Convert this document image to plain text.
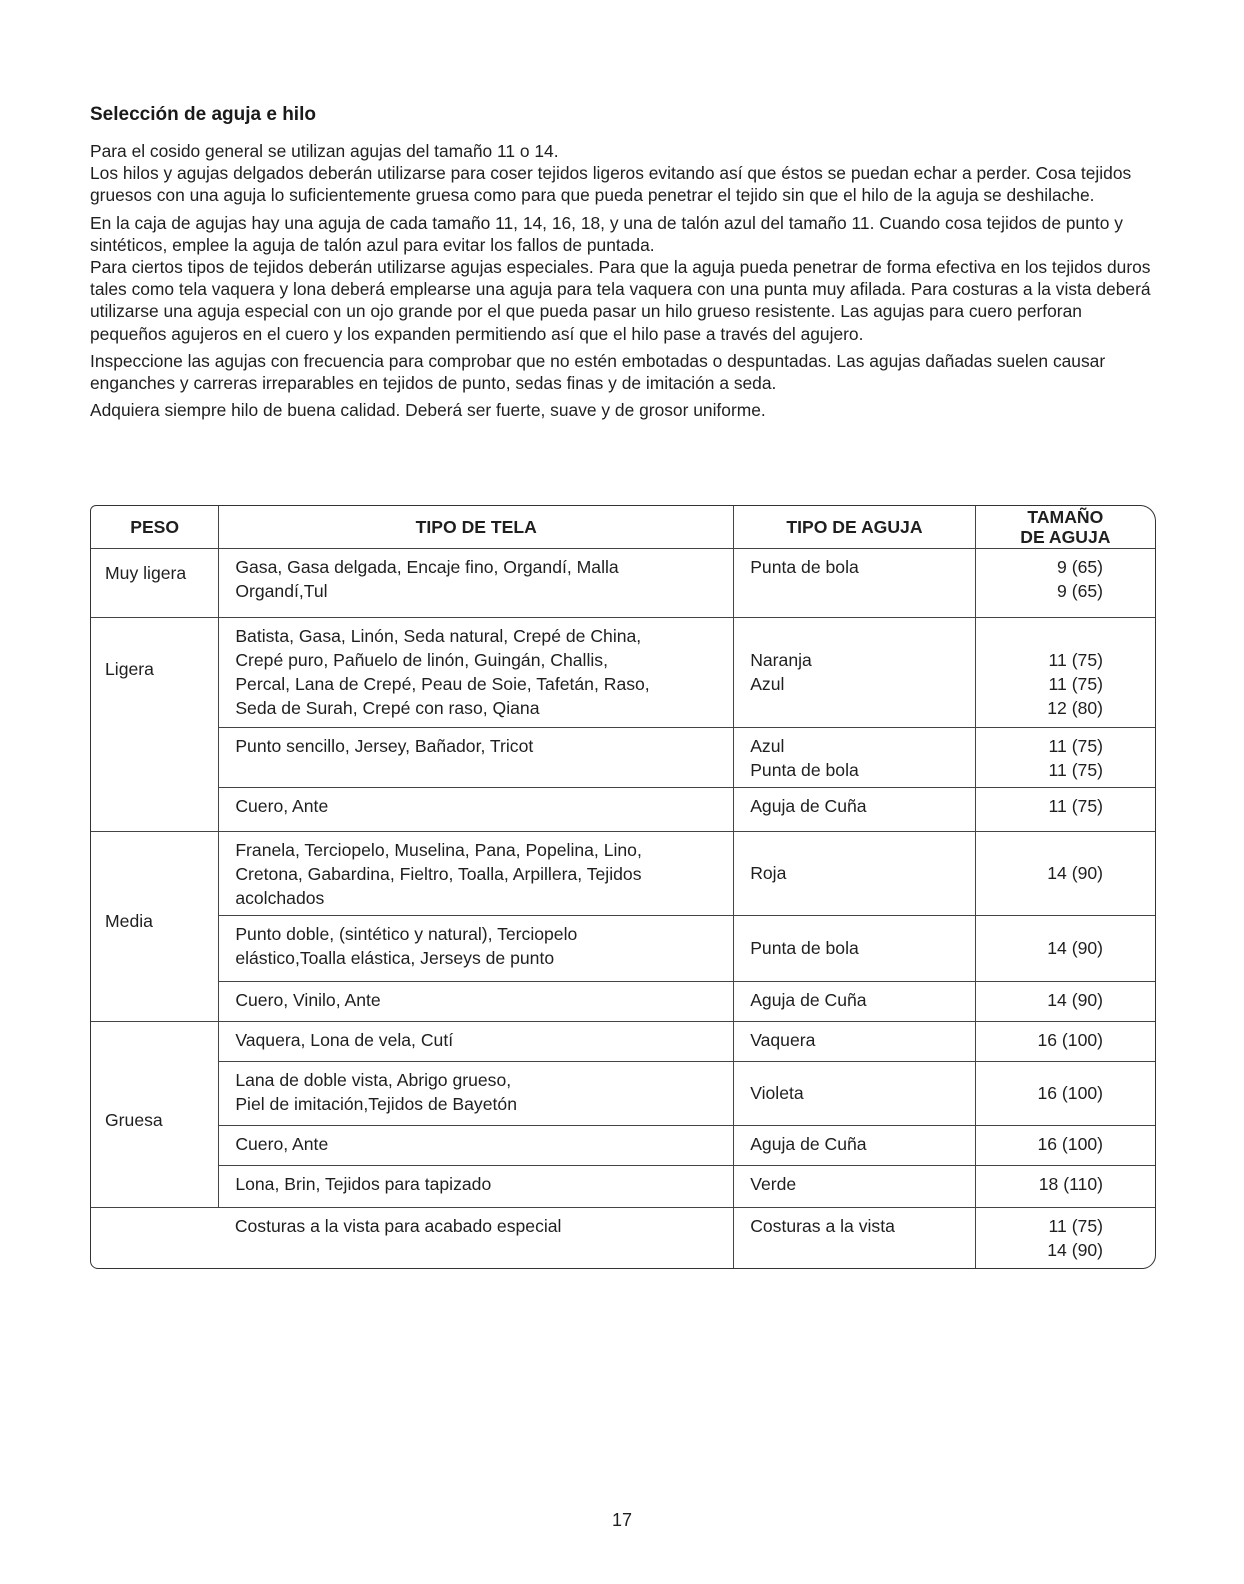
Selección de aguja e hilo

Para el cosido general se utilizan agujas del tamaño 11 o 14.

Los hilos y agujas delgados deberán utilizarse para coser tejidos ligeros evitando así que éstos se puedan echar a perder. Cosa tejidos gruesos con una aguja lo suficientemente gruesa como para que pueda penetrar el tejido sin que el hilo de la aguja se deshilache.

En la caja de agujas hay una aguja de cada tamaño 11, 14, 16, 18, y una de talón azul del tamaño 11. Cuando cosa tejidos de punto y sintéticos, emplee la aguja de talón azul para evitar los fallos de puntada.

Para ciertos tipos de tejidos deberán utilizarse agujas especiales. Para que la aguja pueda penetrar de forma efectiva en los tejidos duros tales como tela vaquera y lona deberá emplearse una aguja para tela vaquera con una punta muy afilada. Para costuras a la vista deberá utilizarse una aguja especial con un ojo grande por el que pueda pasar un hilo grueso resistente. Las agujas para cuero perforan pequeños agujeros en el cuero y los expanden permitiendo así que el hilo pase a través del agujero.

Inspeccione las agujas con frecuencia para comprobar que no estén embotadas o despuntadas. Las agujas dañadas suelen causar enganches y carreras irreparables en tejidos de punto, sedas finas y de imitación a seda.

Adquiera siempre hilo de buena calidad. Deberá ser fuerte, suave y de grosor uniforme.

PESO	TIPO DE TELA	TIPO DE AGUJA	TAMAÑO
DE AGUJA

Muy ligera	Gasa, Gasa delgada, Encaje fino, Organdí, Malla
Organdí,Tul	Punta de bola	9 (65)
9 (65)

Ligera	Batista, Gasa, Linón, Seda natural, Crepé de China,
Crepé puro, Pañuelo de linón, Guingán, Challis,
Percal, Lana de Crepé, Peau de Soie, Tafetán, Raso,
Seda de Surah, Crepé con raso, Qiana	Naranja
Azul	11 (75)
11 (75)
12 (80)

	Punto sencillo, Jersey, Bañador, Tricot	Azul
Punta de bola	11 (75)
11 (75)

	Cuero, Ante	Aguja de Cuña	11 (75)

Media	Franela, Terciopelo, Muselina, Pana, Popelina, Lino,
Cretona, Gabardina, Fieltro, Toalla, Arpillera, Tejidos
acolchados	Roja	14 (90)

	Punto doble, (sintético y natural), Terciopelo
elástico,Toalla elástica, Jerseys de punto	Punta de bola	14 (90)

	Cuero, Vinilo, Ante	Aguja de Cuña	14 (90)

Gruesa	Vaquera, Lona de vela, Cutí	Vaquera	16 (100)

	Lana de doble vista, Abrigo grueso,
Piel de imitación,Tejidos de Bayetón	Violeta	16 (100)

	Cuero, Ante	Aguja de Cuña	16 (100)

	Lona, Brin, Tejidos para tapizado	Verde	18 (110)

	Costuras a la vista para acabado especial	Costuras a la vista	11 (75)
14 (90)
17
